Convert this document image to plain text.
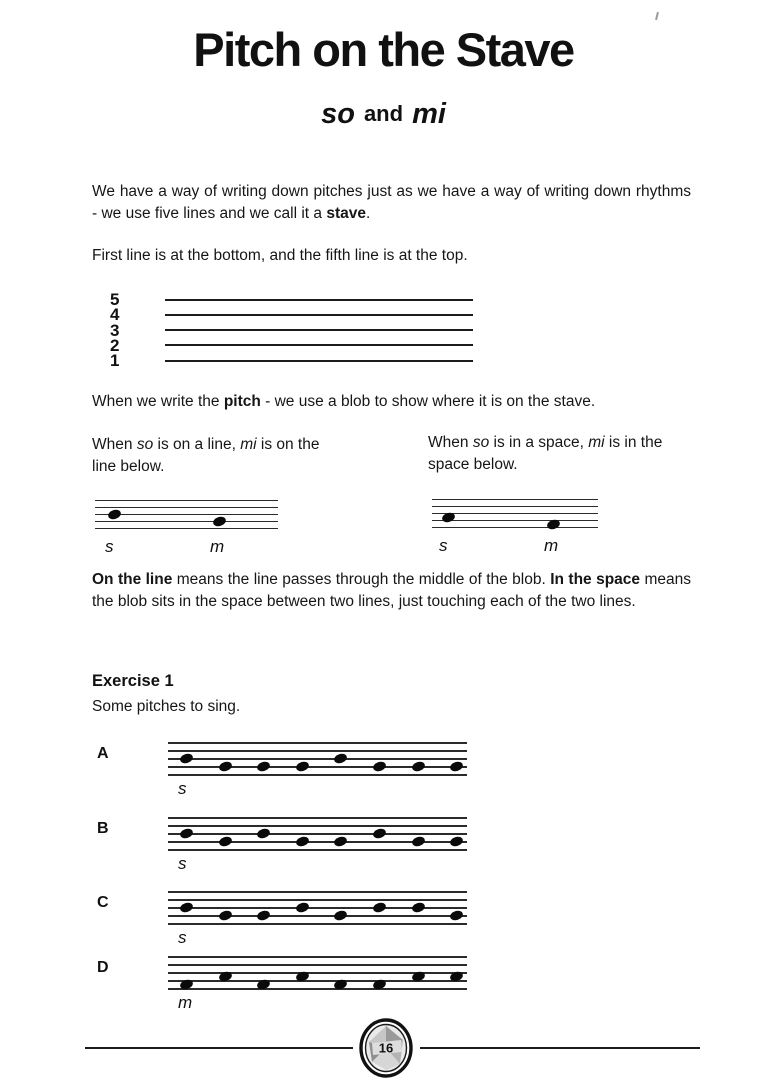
Pitch on the Stave
so and mi

We have a way of writing down pitches just as we have a way of writing down rhythms - we use five lines and we call it a stave.

First line is at the bottom, and the fifth line is at the top.

5
4
3
2
1

When we write the pitch - we use a blob to show where it is on the stave.

When so is on a line, mi is on the line below.
When so is in a space, mi is in the space below.
s	m	s	m

On the line means the line passes through the middle of the blob. In the space means the blob sits in the space between two lines, just touching each of the two lines.

Exercise 1
Some pitches to sing.
A
s
B
s
C
s
D
m
16
